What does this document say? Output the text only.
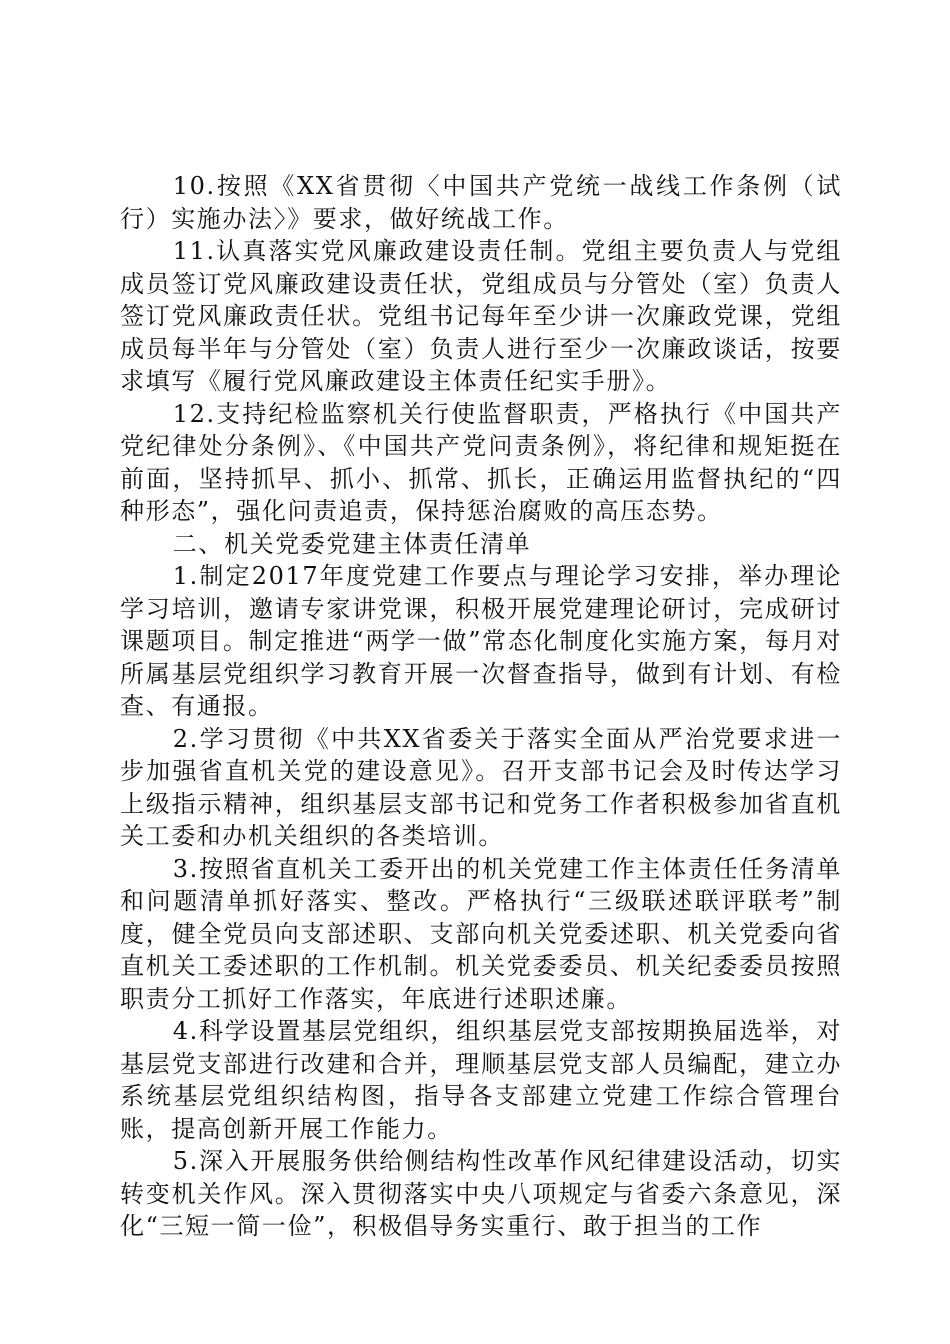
10.按照《XX省贯彻〈中国共产党统一战线工作条例（试行）实施办法〉》要求，做好统战工作。

11.认真落实党风廉政建设责任制。党组主要负责人与党组成员签订党风廉政建设责任状，党组成员与分管处（室）负责人签订党风廉政责任状。党组书记每年至少讲一次廉政党课，党组成员每半年与分管处（室）负责人进行至少一次廉政谈话，按要求填写《履行党风廉政建设主体责任纪实手册》。

12.支持纪检监察机关行使监督职责，严格执行《中国共产党纪律处分条例》、《中国共产党问责条例》，将纪律和规矩挺在前面，坚持抓早、抓小、抓常、抓长，正确运用监督执纪的“四种形态”，强化问责追责，保持惩治腐败的高压态势。

二、机关党委党建主体责任清单

1.制定2017年度党建工作要点与理论学习安排，举办理论学习培训，邀请专家讲党课，积极开展党建理论研讨，完成研讨课题项目。制定推进“两学一做”常态化制度化实施方案，每月对所属基层党组织学习教育开展一次督查指导，做到有计划、有检查、有通报。

2.学习贯彻《中共XX省委关于落实全面从严治党要求进一步加强省直机关党的建设意见》。召开支部书记会及时传达学习上级指示精神，组织基层支部书记和党务工作者积极参加省直机关工委和办机关组织的各类培训。

3.按照省直机关工委开出的机关党建工作主体责任任务清单和问题清单抓好落实、整改。严格执行“三级联述联评联考”制度，健全党员向支部述职、支部向机关党委述职、机关党委向省直机关工委述职的工作机制。机关党委委员、机关纪委委员按照职责分工抓好工作落实，年底进行述职述廉。

4.科学设置基层党组织，组织基层党支部按期换届选举，对基层党支部进行改建和合并，理顺基层党支部人员编配，建立办系统基层党组织结构图，指导各支部建立党建工作综合管理台账，提高创新开展工作能力。

5.深入开展服务供给侧结构性改革作风纪律建设活动，切实转变机关作风。深入贯彻落实中央八项规定与省委六条意见，深化“三短一简一俭”，积极倡导务实重行、敢于担当的工作
